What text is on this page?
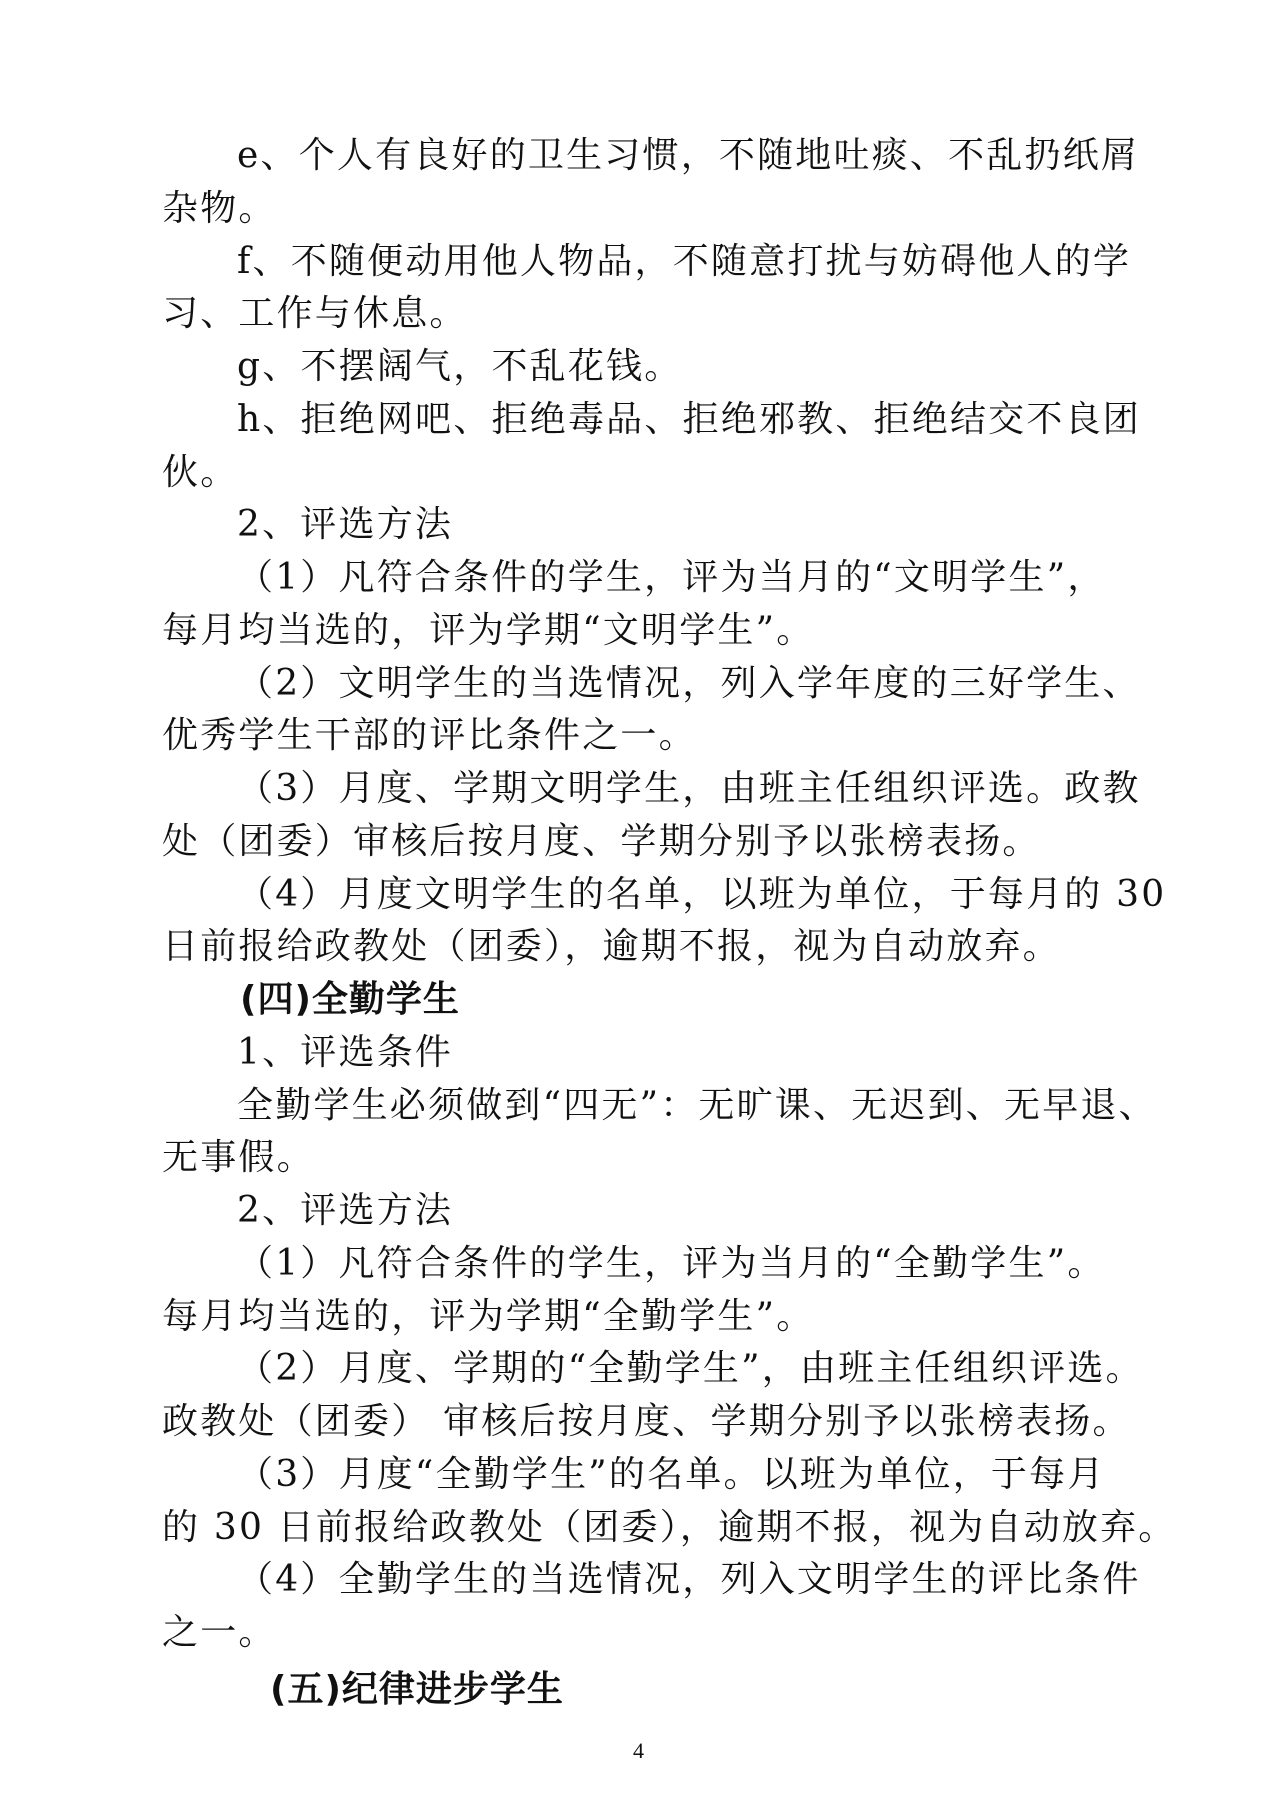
e、个人有良好的卫生习惯，不随地吐痰、不乱扔纸屑
杂物。
f、不随便动用他人物品，不随意打扰与妨碍他人的学
习、工作与休息。
g、不摆阔气，不乱花钱。
h、拒绝网吧、拒绝毒品、拒绝邪教、拒绝结交不良团
伙。
2、评选方法
（1）凡符合条件的学生，评为当月的“文明学生”，
每月均当选的，评为学期“文明学生”。
（2）文明学生的当选情况，列入学年度的三好学生、
优秀学生干部的评比条件之一。
（3）月度、学期文明学生，由班主任组织评选。政教
处（团委）审核后按月度、学期分别予以张榜表扬。
（4）月度文明学生的名单，以班为单位，于每月的 30
日前报给政教处（团委），逾期不报，视为自动放弃。
(四)全勤学生
1、评选条件
全勤学生必须做到“四无”：无旷课、无迟到、无早退、
无事假。
2、评选方法
（1）凡符合条件的学生，评为当月的“全勤学生”。
每月均当选的，评为学期“全勤学生”。
（2）月度、学期的“全勤学生”，由班主任组织评选。
政教处（团委） 审核后按月度、学期分别予以张榜表扬。
（3）月度“全勤学生”的名单。以班为单位，于每月
的 30 日前报给政教处（团委），逾期不报，视为自动放弃。
（4）全勤学生的当选情况，列入文明学生的评比条件
之一。
(五)纪律进步学生
4
